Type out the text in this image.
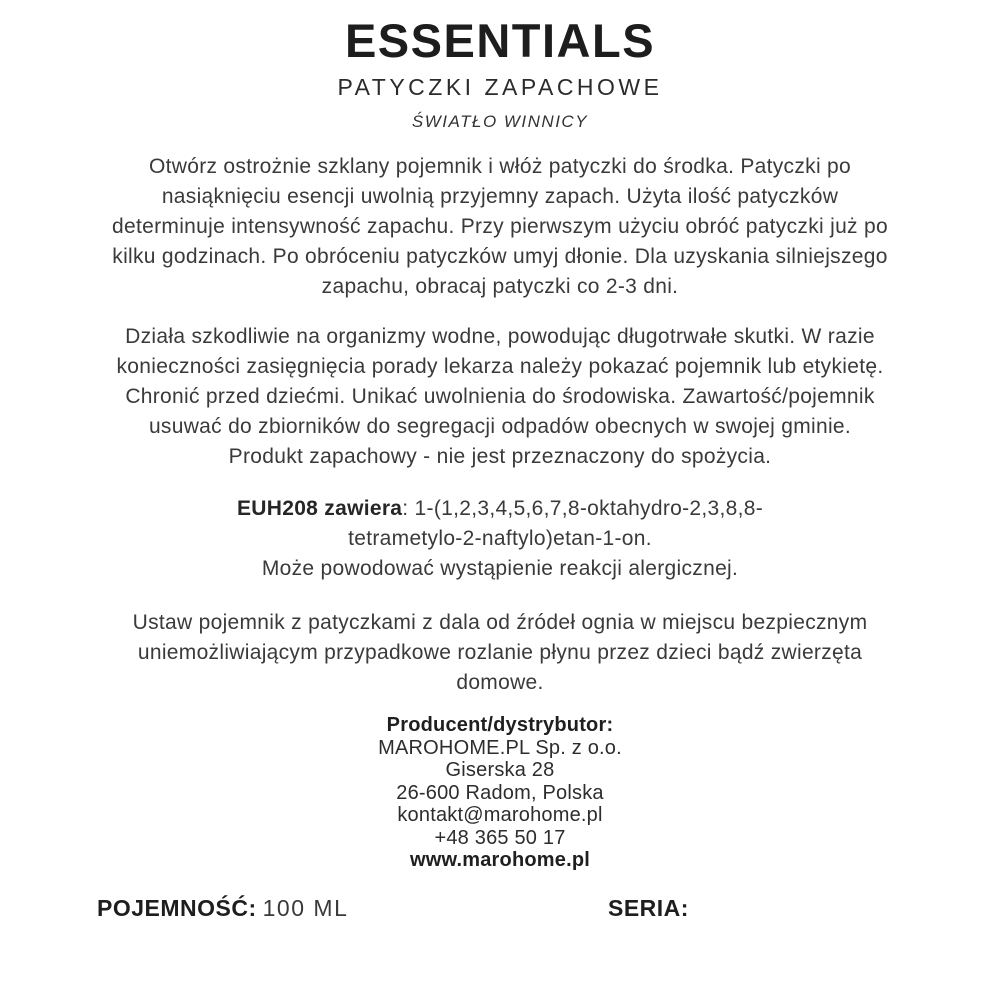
ESSENTIALS
PATYCZKI ZAPACHOWE
ŚWIATŁO WINNICY
Otwórz ostrożnie szklany pojemnik i włóż patyczki do środka. Patyczki po
nasiąknięciu esencji uwolnią przyjemny zapach. Użyta ilość patyczków
determinuje intensywność zapachu. Przy pierwszym użyciu obróć patyczki już po
kilku godzinach. Po obróceniu patyczków umyj dłonie. Dla uzyskania silniejszego
zapachu, obracaj patyczki co 2-3 dni.
Działa szkodliwie na organizmy wodne, powodując długotrwałe skutki. W razie
konieczności zasięgnięcia porady lekarza należy pokazać pojemnik lub etykietę.
Chronić przed dziećmi. Unikać uwolnienia do środowiska. Zawartość/pojemnik
usuwać do zbiorników do segregacji odpadów obecnych w swojej gminie.
Produkt zapachowy - nie jest przeznaczony do spożycia.
EUH208 zawiera: 1-(1,2,3,4,5,6,7,8-oktahydro-2,3,8,8-
tetrametylo-2-naftylo)etan-1-on.
Może powodować wystąpienie reakcji alergicznej.
Ustaw pojemnik z patyczkami z dala od źródeł ognia w miejscu bezpiecznym
uniemożliwiającym przypadkowe rozlanie płynu przez dzieci bądź zwierzęta
domowe.
Producent/dystrybutor:
MAROHOME.PL Sp. z o.o.
Giserska 28
26-600 Radom, Polska
kontakt@marohome.pl
+48 365 50 17
www.marohome.pl
POJEMNOŚĆ: 100 ML	SERIA:
